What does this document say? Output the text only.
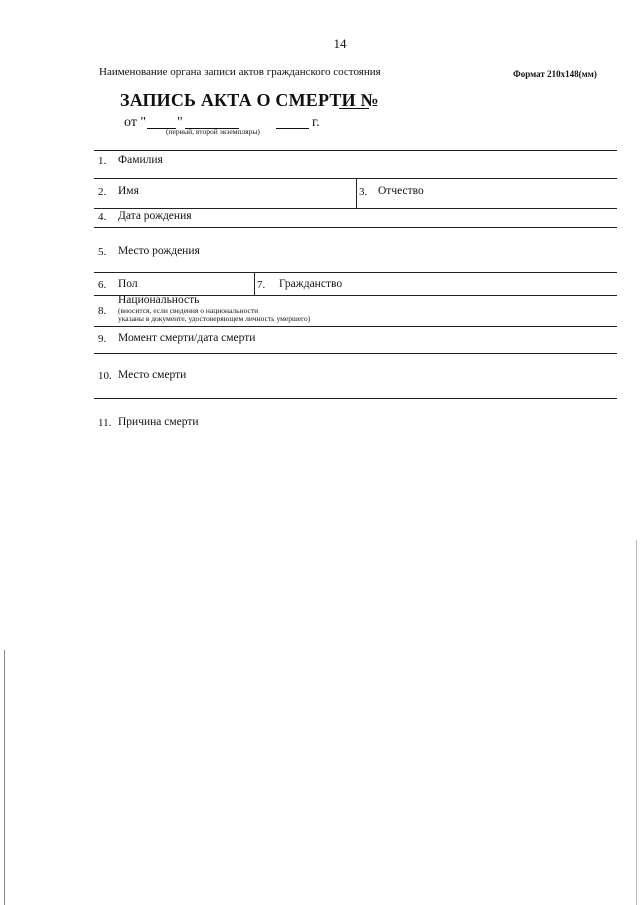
14
Наименование органа записи актов гражданского состояния	Формат 210х148(мм)
ЗАПИСЬ АКТА О СМЕРТИ №
от " "	г.
(первый, второй экземпляры)
1. Фамилия
2. Имя	3. Отчество
4. Дата рождения
5. Место рождения
6. Пол	7. Гражданство
8.
Национальность
(вносится, если сведения о национальности
указаны в документе, удостоверяющем личность умершего)
9. Момент смерти/дата смерти
10. Место смерти
11. Причина смерти
